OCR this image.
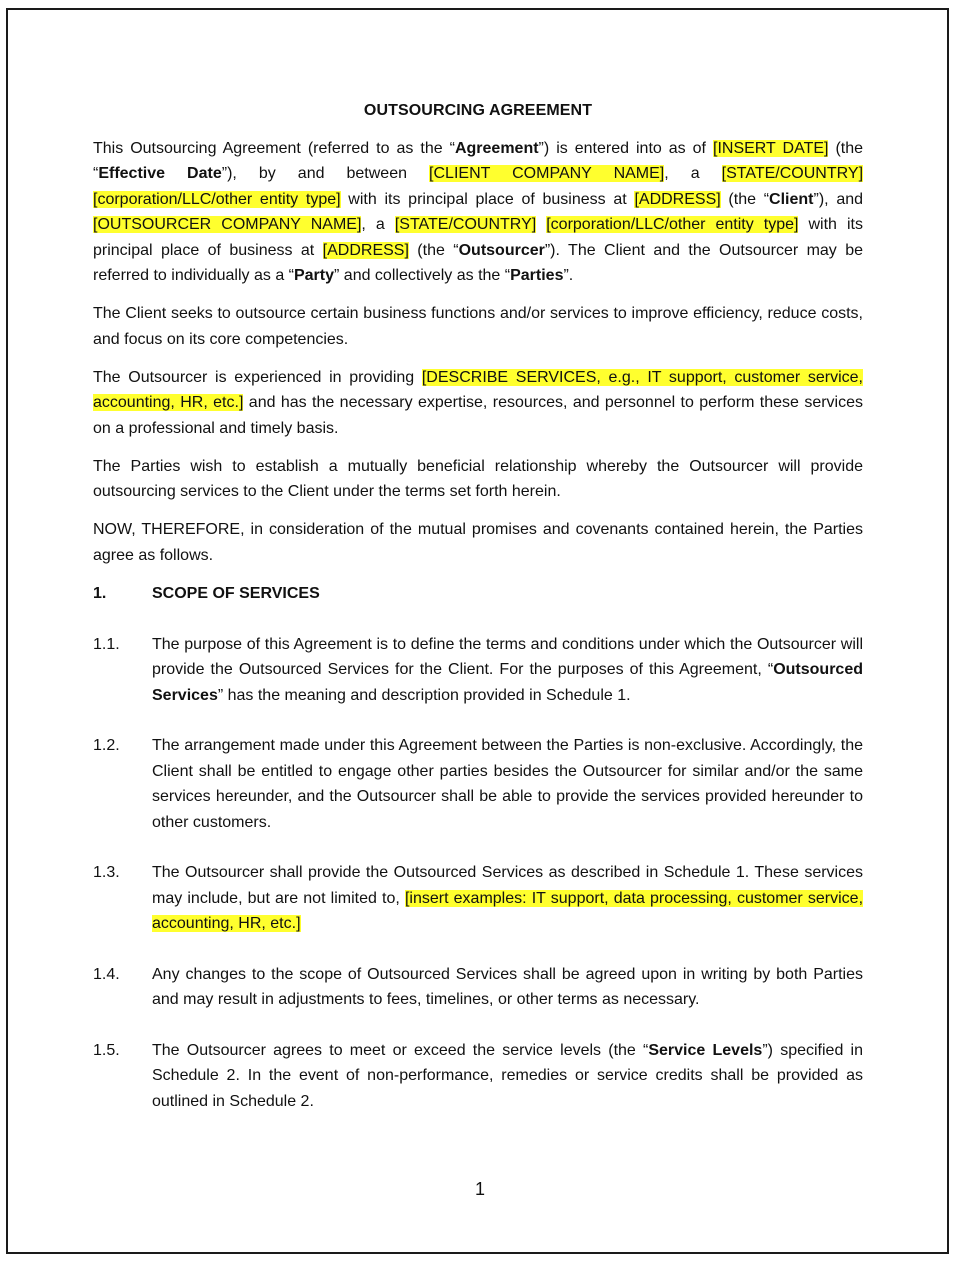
OUTSOURCING AGREEMENT

This Outsourcing Agreement (referred to as the “Agreement”) is entered into as of [INSERT DATE] (the “Effective Date”), by and between [CLIENT COMPANY NAME], a [STATE/COUNTRY] [corporation/LLC/other entity type] with its principal place of business at [ADDRESS] (the “Client”), and [OUTSOURCER COMPANY NAME], a [STATE/COUNTRY] [corporation/LLC/other entity type] with its principal place of business at [ADDRESS] (the “Outsourcer”). The Client and the Outsourcer may be referred to individually as a “Party” and collectively as the “Parties”.

The Client seeks to outsource certain business functions and/or services to improve efficiency, reduce costs, and focus on its core competencies.

The Outsourcer is experienced in providing [DESCRIBE SERVICES, e.g., IT support, customer service, accounting, HR, etc.] and has the necessary expertise, resources, and personnel to perform these services on a professional and timely basis.

The Parties wish to establish a mutually beneficial relationship whereby the Outsourcer will provide outsourcing services to the Client under the terms set forth herein.

NOW, THEREFORE, in consideration of the mutual promises and covenants contained herein, the Parties agree as follows.

1.	SCOPE OF SERVICES
1.1.	The purpose of this Agreement is to define the terms and conditions under which the Outsourcer will provide the Outsourced Services for the Client. For the purposes of this Agreement, “Outsourced Services” has the meaning and description provided in Schedule 1.
1.2.	The arrangement made under this Agreement between the Parties is non-exclusive. Accordingly, the Client shall be entitled to engage other parties besides the Outsourcer for similar and/or the same services hereunder, and the Outsourcer shall be able to provide the services provided hereunder to other customers.
1.3.	The Outsourcer shall provide the Outsourced Services as described in Schedule 1. These services may include, but are not limited to, [insert examples: IT support, data processing, customer service, accounting, HR, etc.]
1.4.	Any changes to the scope of Outsourced Services shall be agreed upon in writing by both Parties and may result in adjustments to fees, timelines, or other terms as necessary.
1.5.	The Outsourcer agrees to meet or exceed the service levels (the “Service Levels”) specified in Schedule 2. In the event of non-performance, remedies or service credits shall be provided as outlined in Schedule 2.
1
